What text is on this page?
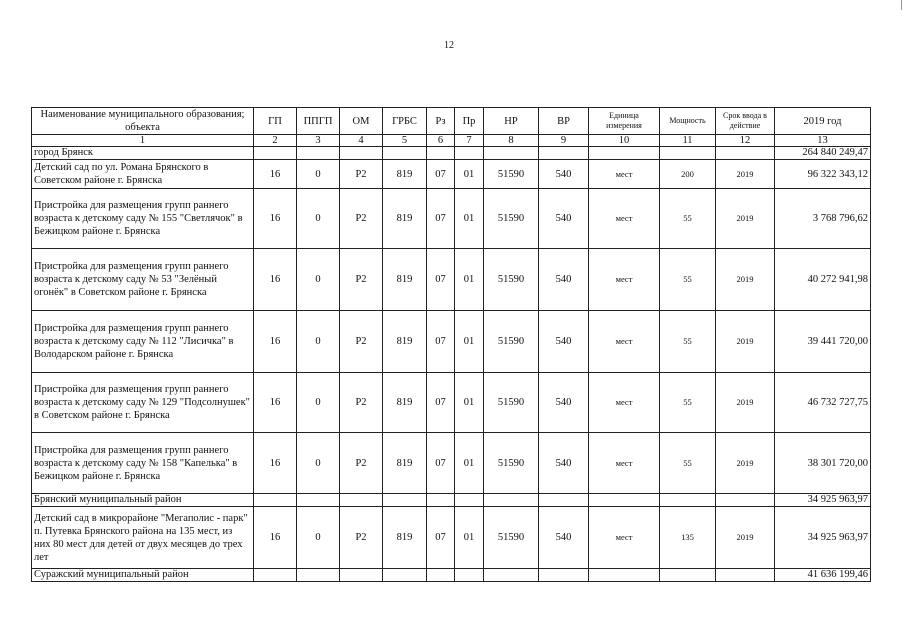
12
Наименование муниципального образования; объекта	ГП	ППГП	ОМ	ГРБС	Рз	Пр	НР	ВР	Единица измерения	Мощность	Срок ввода в действие	2019 год
1	2	3	4	5	6	7	8	9	10	11	12	13
город Брянск												264 840 249,47
Детский сад по ул. Романа Брянского в Советском районе г. Брянска	16	0	P2	819	07	01	51590	540	мест	200	2019	96 322 343,12
Пристройка для размещения групп раннего возраста к детскому саду № 155 "Светлячок" в Бежицком районе г. Брянска	16	0	P2	819	07	01	51590	540	мест	55	2019	3 768 796,62
Пристройка для размещения групп раннего возраста к детскому саду № 53 "Зелёный огонёк" в Советском районе г. Брянска	16	0	P2	819	07	01	51590	540	мест	55	2019	40 272 941,98
Пристройка для размещения групп раннего возраста к детскому саду № 112 "Лисичка" в Володарском районе г. Брянска	16	0	P2	819	07	01	51590	540	мест	55	2019	39 441 720,00
Пристройка для размещения групп раннего возраста к детскому саду № 129 "Подсолнушек" в Советском районе г. Брянска	16	0	P2	819	07	01	51590	540	мест	55	2019	46 732 727,75
Пристройка для размещения групп раннего возраста к детскому саду № 158 "Капелька" в Бежицком районе г. Брянска	16	0	P2	819	07	01	51590	540	мест	55	2019	38 301 720,00
Брянский муниципальный район												34 925 963,97
Детский сад в микрорайоне "Мегаполис - парк" п. Путевка Брянского района на 135 мест, из них 80 мест для детей от двух месяцев до трех лет	16	0	P2	819	07	01	51590	540	мест	135	2019	34 925 963,97
Суражский муниципальный район												41 636 199,46
